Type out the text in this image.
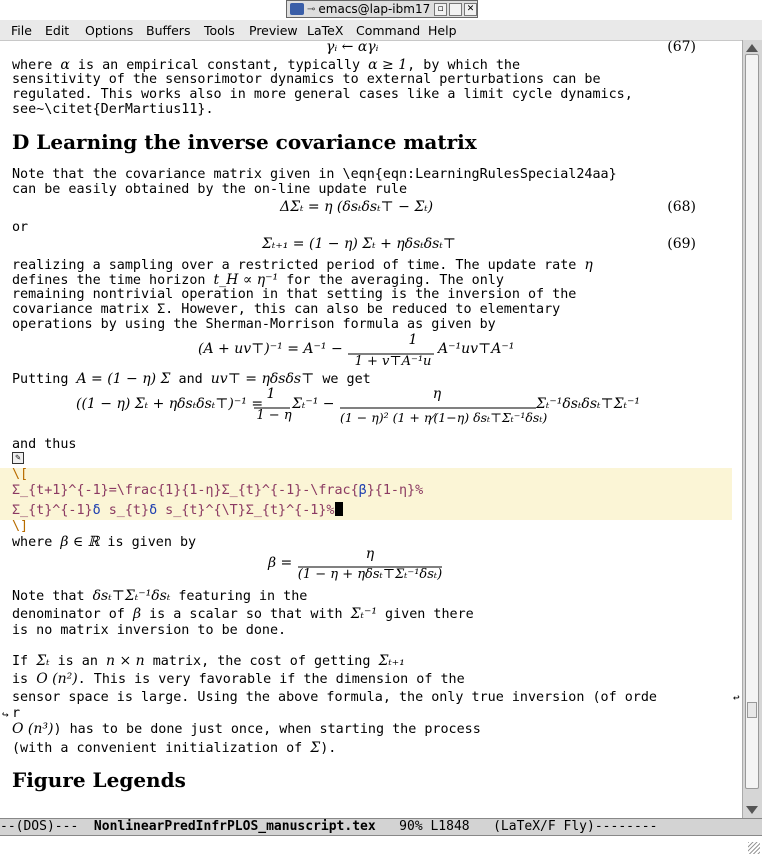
⊸ emacs@lap-ibm17 ▫	✕
File Edit Options Buffers Tools Preview LaTeX Command Help
γᵢ ← αγᵢ	(67)
where α is an empirical constant, typically α ≥ 1, by which the
sensitivity of the sensorimotor dynamics to external perturbations can be
regulated. This works also in more general cases like a limit cycle dynamics,
see~\citet{DerMartius11}.
D Learning the inverse covariance matrix
Note that the covariance matrix given in \eqn{eqn:LearningRulesSpecial24aa}
can be easily obtained by the on-line update rule
ΔΣₜ = η (δsₜδsₜ⊤ − Σₜ)	(68)
or
Σₜ₊₁ = (1 − η) Σₜ + ηδsₜδsₜ⊤	(69)
realizing a sampling over a restricted period of time. The update rate η
defines the time horizon t_H ∝ η⁻¹ for the averaging. The only
remaining nontrivial operation in that setting is the inversion of the
covariance matrix Σ. However, this can also be reduced to elementary
operations by using the Sherman-Morrison formula as given by
(A + uv⊤)⁻¹ = A⁻¹ −
1
1 + v⊤A⁻¹u
A⁻¹uv⊤A⁻¹
Putting A = (1 − η) Σ and uv⊤ = ηδsδs⊤ we get
((1 − η) Σₜ + ηδsₜδsₜ⊤)⁻¹ =
1
1 − η
Σₜ⁻¹ −
η
(1 − η)² (1 + η⁄(1−η) δsₜ⊤Σₜ⁻¹δsₜ)
Σₜ⁻¹δsₜδsₜ⊤Σₜ⁻¹
and thus
✎
\[
Σ_{t+1}^{-1}=\frac{1}{1-η}Σ_{t}^{-1}-\frac{β}{1-η}%
Σ_{t}^{-1}δ s_{t}δ s_{t}^{\T}Σ_{t}^{-1}%
\]
where β ∈ ℝ is given by
β =
η
(1 − η + ηδsₜ⊤Σₜ⁻¹δsₜ)
Note that δsₜ⊤Σₜ⁻¹δsₜ featuring in the
denominator of β is a scalar so that with Σₜ⁻¹ given there
is no matrix inversion to be done.
If Σₜ is an n × n matrix, the cost of getting Σₜ₊₁
is O (n²). This is very favorable if the dimension of the
sensor space is large. Using the above formula, the only true inversion (of orde	↩
↪ r
O (n³)) has to be done just once, when starting the process
(with a convenient initialization of Σ).
Figure Legends
--(DOS)---  NonlinearPredInfrPLOS_manuscript.tex   90% L1848   (LaTeX/F Fly)--------
